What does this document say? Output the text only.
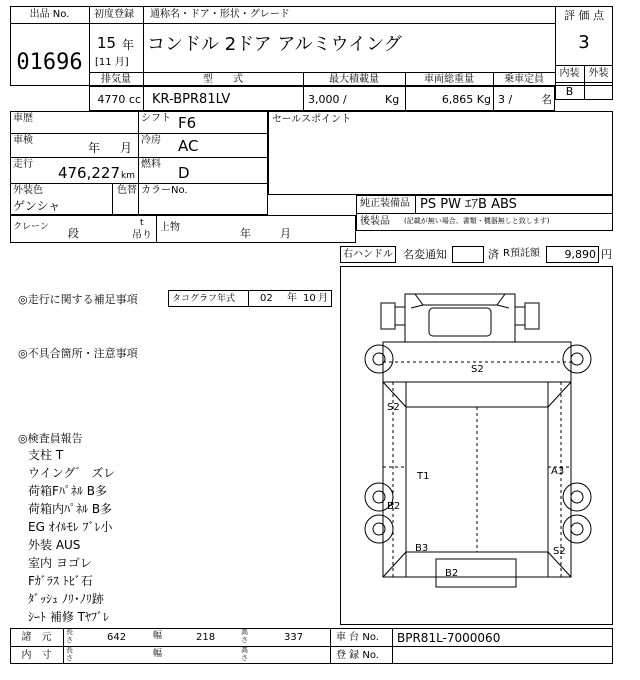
出品 No.
01696
初度登録
15 年
[11 月]
通称名・ドア・形状・グレード
コンドル 2ドア アルミウイング
評 価 点
3
内装 外装
B
排気量	型　　式	最大積載量	車両総重量	乗車定員
4770 cc KR-BPR81LV	3,000 /	Kg	6,865 Kg 3 /	名
車歴	シフト F6
車検
年 月
冷房 AC
走行	476,227 km
燃料 D
外装色
ゲンシャ
色替 カラーNo.
セールスポイント
純正装備品 PS PW ｴｱB ABS
後装品 (記載が無い場合、書類・機器無しと致します)
クレーン 段
t
吊り
上物	年	月
右ハンドル 名変通知	済 R預託額	9,890 円
◎走行に関する補足事項	タコグラフ年式 02 年 10 月
◎不具合箇所・注意事項
◎検査員報告
支柱 T
ウイング゛ ズレ
荷箱Fﾊﾟﾈﾙ B多
荷箱内ﾊﾟﾈﾙ B多
EG ｵｲﾙﾓﾚ ﾌﾞﾚ小
外装 AUS
室内 ヨゴレ
Fｶﾞﾗｽ ﾄﾋﾞ石
ﾀﾞｯｼｭ ﾉﾘ･ﾉﾘ跡
ｼｰﾄ 補修 Tﾔﾌﾞﾚ
S2
S2
T1	A3
B2
B3	S2
B2
諸　元	長さ	642	幅	218	高さ	337
内　寸	長さ	幅	高さ
車 台 No. BPR81L-7000060
登 録 No.
